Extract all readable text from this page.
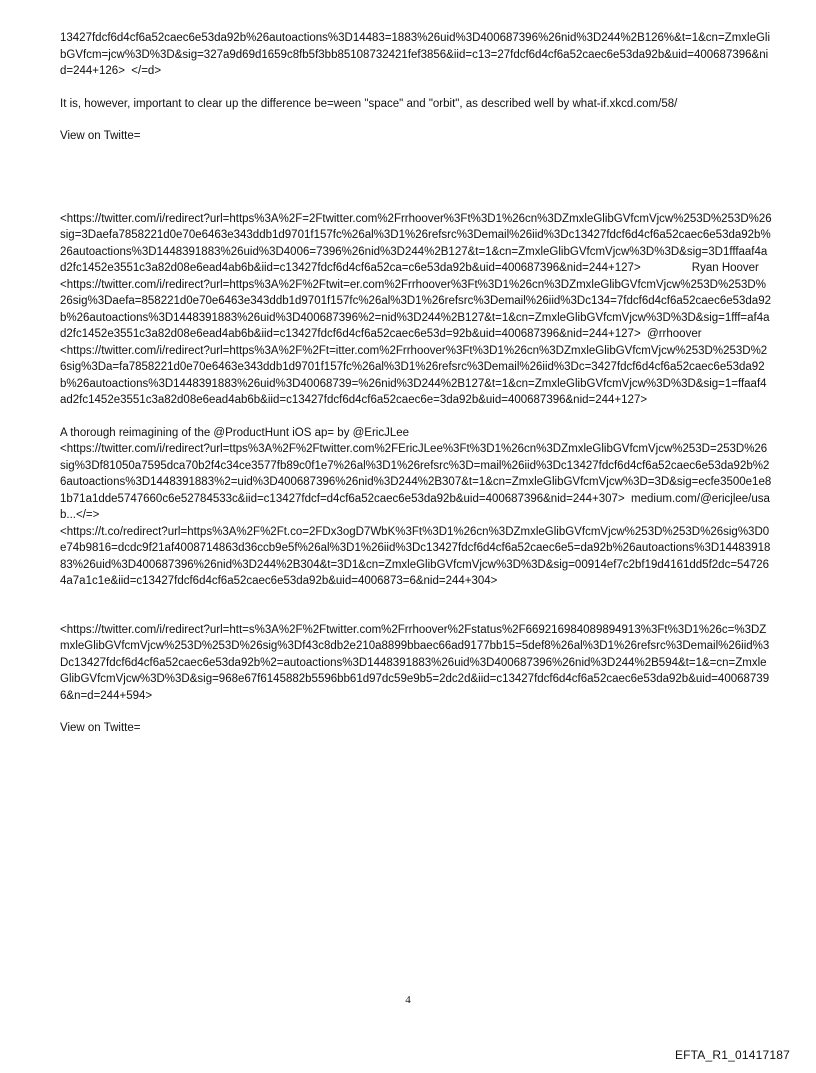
13427fdcf6d4cf6a52caec6e53da92b%26autoactions%3D14483=1883%26uid%3D400687396%26nid%3D244%2B126%&t=1&cn=ZmxleGlibGVfcm=jcw%3D%3D&sig=327a9d69d1659c8fb5f3bb85108732421fef3856&iid=c13=27fdcf6d4cf6a52caec6e53da92b&uid=400687396&nid=244+126>  </=d>

It is, however, important to clear up the difference be=ween "space" and "orbit", as described well by what-if.xkcd.com/58/

View on Twitte=

<https://twitter.com/i/redirect?url=https%3A%2F=2Ftwitter.com%2Frrhoover%3Ft%3D1%26cn%3DZmxleGlibGVfcmVjcw%253D%253D%26sig=3Daefa7858221d0e70e6463e343ddb1d9701f157fc%26al%3D1%26refsrc%3Demail%26iid%3Dc13427fdcf6d4cf6a52caec6e53da92b%26autoactions%3D1448391883%26uid%3D4006=7396%26nid%3D244%2B127&t=1&cn=ZmxleGlibGVfcmVjcw%3D%3D&sig=3D1fffaaf4ad2fc1452e3551c3a82d08e6ead4ab6b&iid=c13427fdcf6d4cf6a52ca=c6e53da92b&uid=400687396&nid=244+127>                Ryan Hoover
<https://twitter.com/i/redirect?url=https%3A%2F%2Ftwit=er.com%2Frrhoover%3Ft%3D1%26cn%3DZmxleGlibGVfcmVjcw%253D%253D%26sig%3Daefa=858221d0e70e6463e343ddb1d9701f157fc%26al%3D1%26refsrc%3Demail%26iid%3Dc134=7fdcf6d4cf6a52caec6e53da92b%26autoactions%3D1448391883%26uid%3D400687396%2=nid%3D244%2B127&t=1&cn=ZmxleGlibGVfcmVjcw%3D%3D&sig=1fff=af4ad2fc1452e3551c3a82d08e6ead4ab6b&iid=c13427fdcf6d4cf6a52caec6e53d=92b&uid=400687396&nid=244+127>  @rrhoover
<https://twitter.com/i/redirect?url=https%3A%2F%2Ft=itter.com%2Frrhoover%3Ft%3D1%26cn%3DZmxleGlibGVfcmVjcw%253D%253D%26sig%3Da=fa7858221d0e70e6463e343ddb1d9701f157fc%26al%3D1%26refsrc%3Demail%26iid%3Dc=3427fdcf6d4cf6a52caec6e53da92b%26autoactions%3D1448391883%26uid%3D40068739=%26nid%3D244%2B127&t=1&cn=ZmxleGlibGVfcmVjcw%3D%3D&sig=1=ffaaf4ad2fc1452e3551c3a82d08e6ead4ab6b&iid=c13427fdcf6d4cf6a52caec6e=3da92b&uid=400687396&nid=244+127>

A thorough reimagining of the @ProductHunt iOS ap= by @EricJLee
<https://twitter.com/i/redirect?url=ttps%3A%2F%2Ftwitter.com%2FEricJLee%3Ft%3D1%26cn%3DZmxleGlibGVfcmVjcw%253D=253D%26sig%3Df81050a7595dca70b2f4c34ce3577fb89c0f1e7%26al%3D1%26refsrc%3D=mail%26iid%3Dc13427fdcf6d4cf6a52caec6e53da92b%26autoactions%3D1448391883%2=uid%3D400687396%26nid%3D244%2B307&t=1&cn=ZmxleGlibGVfcmVjcw%3D=3D&sig=ecfe3500e1e81b71a1dde5747660c6e52784533c&iid=c13427fdcf=d4cf6a52caec6e53da92b&uid=400687396&nid=244+307>  medium.com/@ericjlee/usab...</=>
<https://t.co/redirect?url=https%3A%2F%2Ft.co=2FDx3ogD7WbK%3Ft%3D1%26cn%3DZmxleGlibGVfcmVjcw%253D%253D%26sig%3D0e74b9816=dcdc9f21af4008714863d36ccb9e5f%26al%3D1%26iid%3Dc13427fdcf6d4cf6a52caec6e5=da92b%26autoactions%3D1448391883%26uid%3D400687396%26nid%3D244%2B304&t=3D1&cn=ZmxleGlibGVfcmVjcw%3D%3D&sig=00914ef7c2bf19d4161dd5f2dc=547264a7a1c1e&iid=c13427fdcf6d4cf6a52caec6e53da92b&uid=4006873=6&nid=244+304>

<https://twitter.com/i/redirect?url=htt=s%3A%2F%2Ftwitter.com%2Frrhoover%2Fstatus%2F669216984089894913%3Ft%3D1%26c=%3DZmxleGlibGVfcmVjcw%253D%253D%26sig%3Df43c8db2e210a8899bbaec66ad9177bb15=5def8%26al%3D1%26refsrc%3Demail%26iid%3Dc13427fdcf6d4cf6a52caec6e53da92b%2=autoactions%3D1448391883%26uid%3D400687396%26nid%3D244%2B594&t=1&=cn=ZmxleGlibGVfcmVjcw%3D%3D&sig=968e67f6145882b5596bb61d97dc59e9b5=2dc2d&iid=c13427fdcf6d4cf6a52caec6e53da92b&uid=400687396&n=d=244+594>

View on Twitte=

4
EFTA_R1_01417187
